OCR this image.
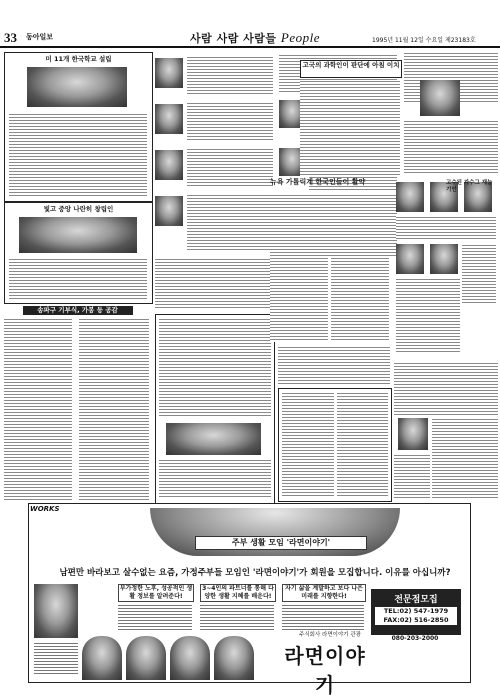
33 동아일보	사람 사람 사람들 People	1995년 11월 12일 수요일 제23183호
미 11개 한국학교 설립
빛고 중앙 나란히 창립인
송파구 기부식, 가봉 등 공감
고국의 과학인이 판단에 아침 이치
뉴욕 가톨릭계 한국인들이 활약	고수된 자수그 재능 기인
WORKS
주부 생활 모임 '라면이야기'
남편만 바라보고 살수없는 요즘, 가정주부들 모임인 '라면이야기'가 회원을 모집합니다. 이유를 아십니까?
부가정한 노후, 성공적인 생활 정보를 알려준다!
3~4인의 파트너를 통해 다양한 생활 지혜를 배운다!
자기 삶을 계발하고 보다 나은 미래를 지향한다!	전문점모집
TEL:02) 547-1979
FAX:02) 516-2850
080-203-2000
주식회사 라면이야기 관광
라면이야기
